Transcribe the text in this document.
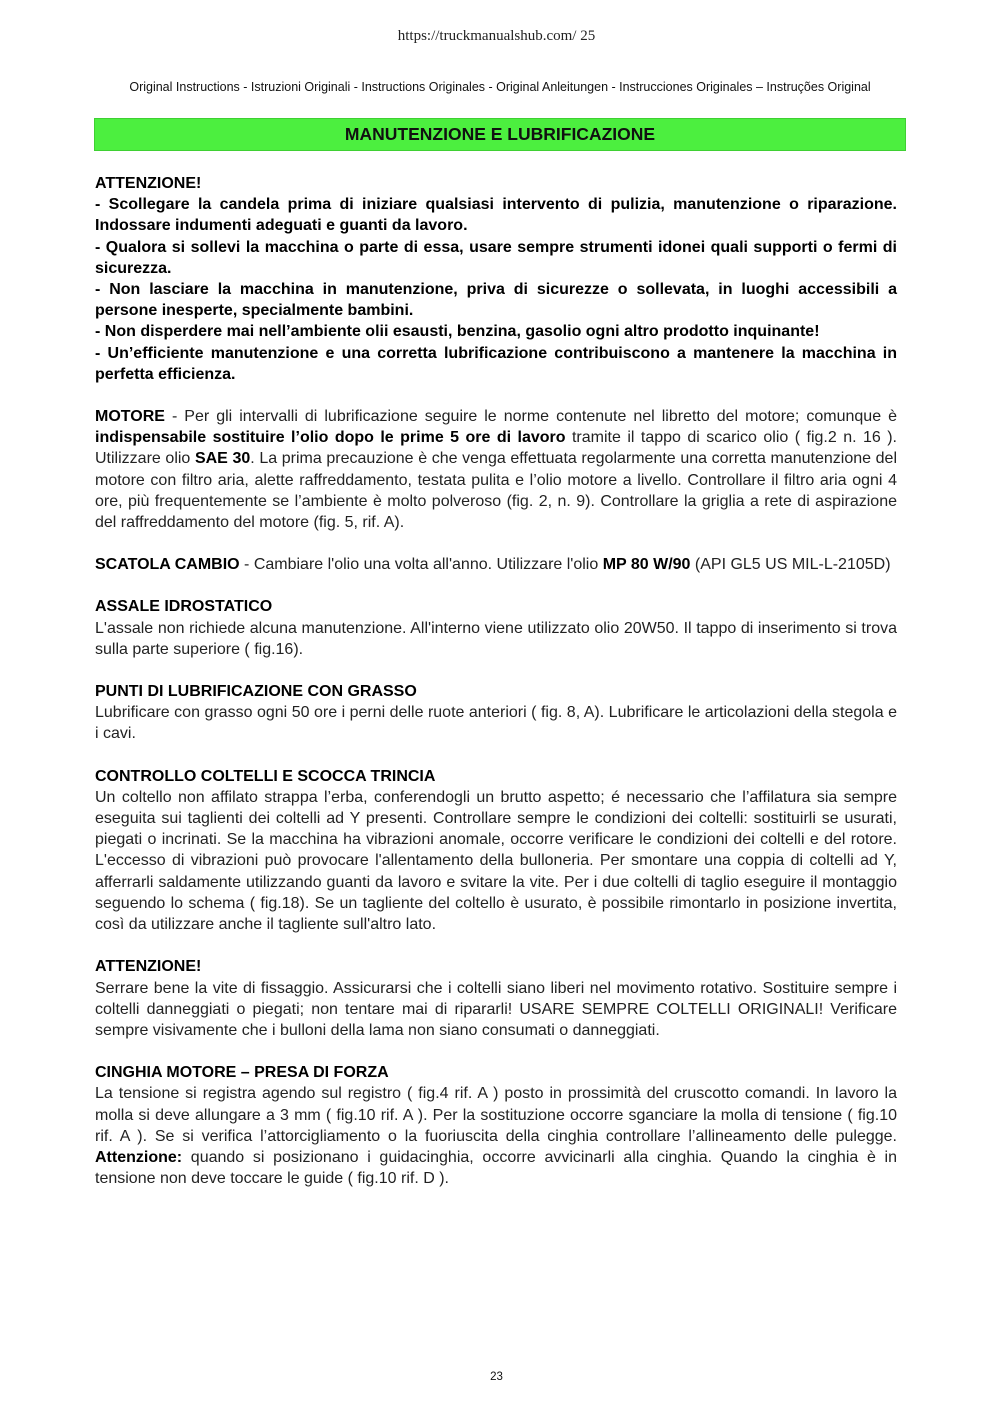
https://truckmanualshub.com/ 25
Original Instructions - Istruzioni Originali - Instructions Originales - Original Anleitungen - Instrucciones Originales – Instruções Original
MANUTENZIONE E LUBRIFICAZIONE

ATTENZIONE!

- Scollegare la candela prima di iniziare qualsiasi intervento di pulizia, manutenzione o riparazione. Indossare indumenti adeguati e guanti da lavoro.

- Qualora si sollevi la macchina o parte di essa, usare sempre strumenti idonei quali supporti o fermi di sicurezza.

- Non lasciare la macchina in manutenzione, priva di sicurezze o sollevata, in luoghi accessibili a persone inesperte, specialmente bambini.

- Non disperdere mai nell’ambiente olii esausti, benzina, gasolio ogni altro prodotto inquinante!

- Un’efficiente manutenzione e una corretta lubrificazione contribuiscono a mantenere la macchina in perfetta efficienza.

MOTORE - Per gli intervalli di lubrificazione seguire le norme contenute nel libretto del motore; comunque è indispensabile sostituire l’olio dopo le prime 5 ore di lavoro tramite il tappo di scarico olio ( fig.2 n. 16 ). Utilizzare olio SAE 30. La prima precauzione è che venga effettuata regolarmente una corretta manutenzione del motore con filtro aria, alette raffreddamento, testata pulita e l’olio motore a livello. Controllare il filtro aria ogni 4 ore, più frequentemente se l’ambiente è molto polveroso (fig. 2, n. 9). Controllare la griglia a rete di aspirazione del raffreddamento del motore (fig. 5, rif. A).

SCATOLA CAMBIO - Cambiare l'olio una volta all'anno. Utilizzare l'olio MP 80 W/90 (API GL5 US MIL-L-2105D)

ASSALE IDROSTATICO

L'assale non richiede alcuna manutenzione. All'interno viene utilizzato olio 20W50. Il tappo di inserimento si trova sulla parte superiore ( fig.16).

PUNTI DI LUBRIFICAZIONE CON GRASSO

Lubrificare con grasso ogni 50 ore i perni delle ruote anteriori ( fig. 8, A). Lubrificare le articolazioni della stegola e i cavi.

CONTROLLO COLTELLI E SCOCCA TRINCIA

Un coltello non affilato strappa l’erba, conferendogli un brutto aspetto; é necessario che l’affilatura sia sempre eseguita sui taglienti dei coltelli ad Y presenti. Controllare sempre le condizioni dei coltelli: sostituirli se usurati, piegati o incrinati. Se la macchina ha vibrazioni anomale, occorre verificare le condizioni dei coltelli e del rotore. L'eccesso di vibrazioni può provocare l'allentamento della bulloneria. Per smontare una coppia di coltelli ad Y, afferrarli saldamente utilizzando guanti da lavoro e svitare la vite. Per i due coltelli di taglio eseguire il montaggio seguendo lo schema ( fig.18). Se un tagliente del coltello è usurato, è possibile rimontarlo in posizione invertita, così da utilizzare anche il tagliente sull'altro lato.

ATTENZIONE!

Serrare bene la vite di fissaggio. Assicurarsi che i coltelli siano liberi nel movimento rotativo. Sostituire sempre i coltelli danneggiati o piegati; non tentare mai di ripararli! USARE SEMPRE COLTELLI ORIGINALI! Verificare sempre visivamente che i bulloni della lama non siano consumati o danneggiati.

CINGHIA MOTORE – PRESA DI FORZA

La tensione si registra agendo sul registro ( fig.4 rif. A ) posto in prossimità del cruscotto comandi. In lavoro la molla si deve allungare a 3 mm ( fig.10 rif. A ). Per la sostituzione occorre sganciare la molla di tensione ( fig.10 rif. A ). Se si verifica l’attorcigliamento o la fuoriuscita della cinghia controllare l’allineamento delle pulegge. Attenzione: quando si posizionano i guidacinghia, occorre avvicinarli alla cinghia. Quando la cinghia è in tensione non deve toccare le guide ( fig.10 rif. D ).

23
